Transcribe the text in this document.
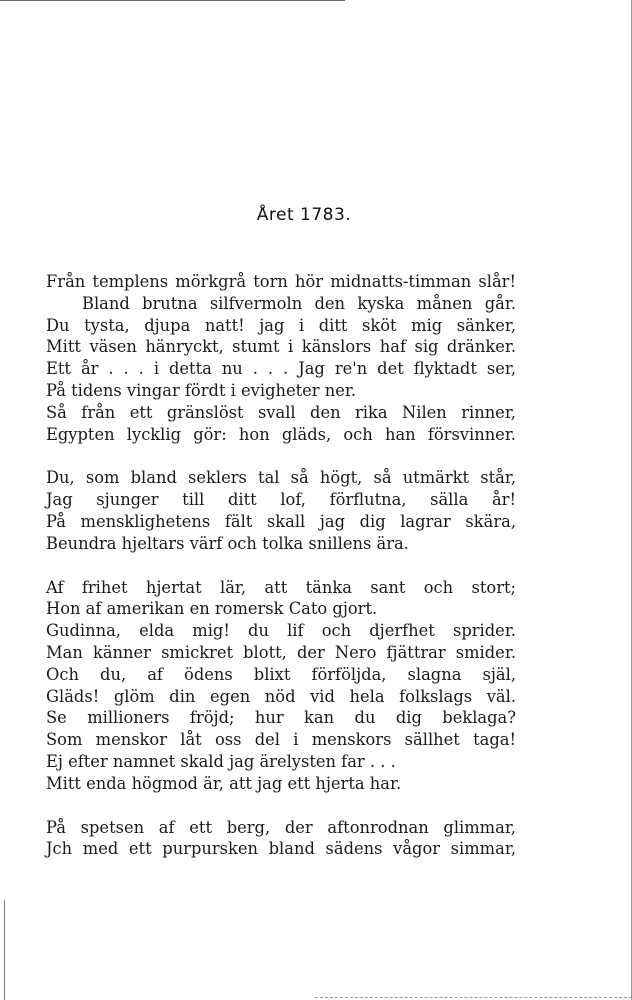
Året 1783.
Från templens mörkgrå torn hör midnatts-timman slår!
Bland brutna silfvermoln den kyska månen går.
Du tysta, djupa natt! jag i ditt sköt mig sänker,
Mitt väsen hänryckt, stumt i känslors haf sig dränker.
Ett år . . . i detta nu . . . Jag re'n det flyktadt ser,
På tidens vingar fördt i evigheter ner.
Så från ett gränslöst svall den rika Nilen rinner,
Egypten lycklig gör: hon gläds, och han försvinner.
Du, som bland seklers tal så högt, så utmärkt står,
Jag sjunger till ditt lof, förflutna, sälla år!
På mensklighetens fält skall jag dig lagrar skära,
Beundra hjeltars värf och tolka snillens ära.
Af frihet hjertat lär, att tänka sant och stort;
Hon af amerikan en romersk Cato gjort.
Gudinna, elda mig! du lif och djerfhet sprider.
Man känner smickret blott, der Nero fjättrar smider.
Och du, af ödens blixt förföljda, slagna själ,
Gläds! glöm din egen nöd vid hela folkslags väl.
Se millioners fröjd; hur kan du dig beklaga?
Som menskor låt oss del i menskors sällhet taga!
Ej efter namnet skald jag ärelysten far . . .
Mitt enda högmod är, att jag ett hjerta har.
På spetsen af ett berg, der aftonrodnan glimmar,
Jch med ett purpursken bland sädens vågor simmar,
